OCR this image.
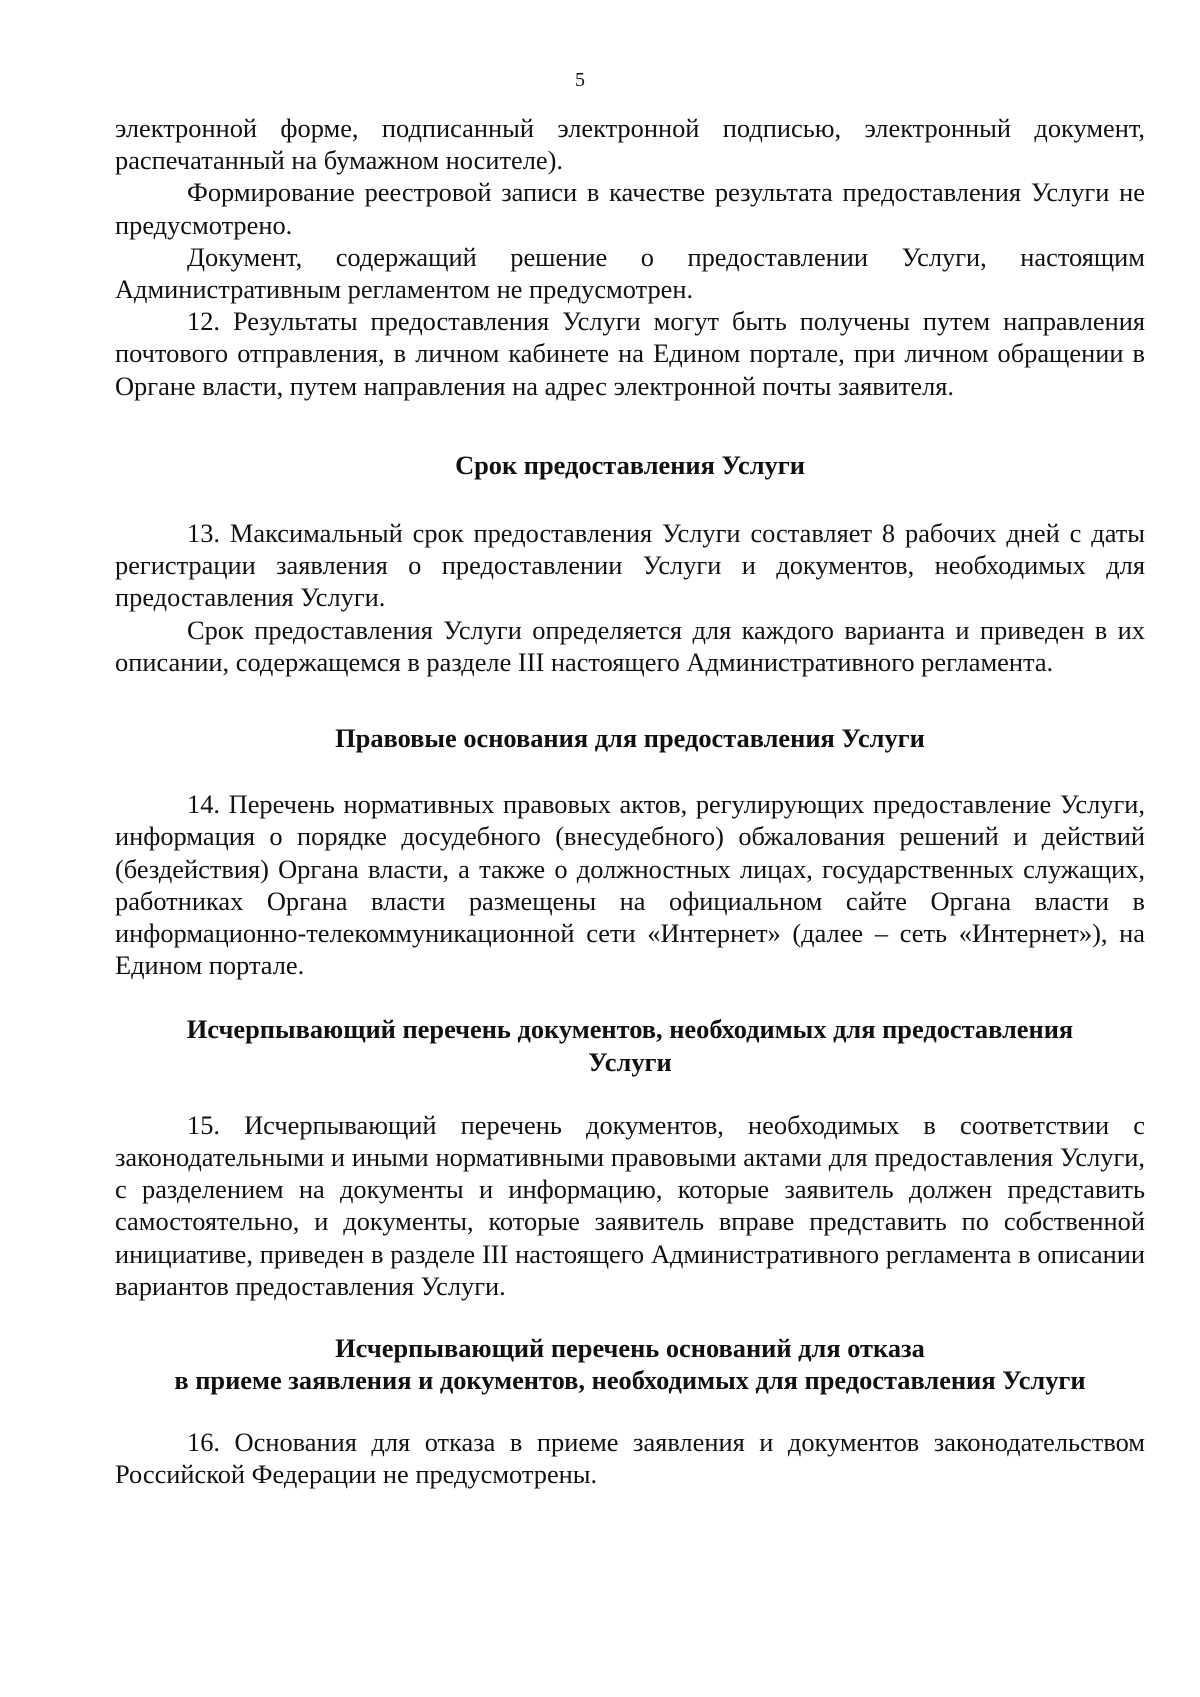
5

электронной форме, подписанный электронной подписью, электронный документ, распечатанный на бумажном носителе).

Формирование реестровой записи в качестве результата предоставления Услуги не предусмотрено.

Документ, содержащий решение о предоставлении Услуги, настоящим Административным регламентом не предусмотрен.

12. Результаты предоставления Услуги могут быть получены путем направления почтового отправления, в личном кабинете на Едином портале, при личном обращении в Органе власти, путем направления на адрес электронной почты заявителя.

Срок предоставления Услуги

13. Максимальный срок предоставления Услуги составляет 8 рабочих дней с даты регистрации заявления о предоставлении Услуги и документов, необходимых для предоставления Услуги.

Срок предоставления Услуги определяется для каждого варианта и приведен в их описании, содержащемся в разделе III настоящего Административного регламента.

Правовые основания для предоставления Услуги

14. Перечень нормативных правовых актов, регулирующих предоставление Услуги, информация о порядке досудебного (внесудебного) обжалования решений и действий (бездействия) Органа власти, а также о должностных лицах, государственных служащих, работниках Органа власти размещены на официальном сайте Органа власти в информационно-телекоммуникационной сети «Интернет» (далее – сеть «Интернет»), на Едином портале.

Исчерпывающий перечень документов, необходимых для предоставления
Услуги

15. Исчерпывающий перечень документов, необходимых в соответствии с законодательными и иными нормативными правовыми актами для предоставления Услуги, с разделением на документы и информацию, которые заявитель должен представить самостоятельно, и документы, которые заявитель вправе представить по собственной инициативе, приведен в разделе III настоящего Административного регламента в описании вариантов предоставления Услуги.

Исчерпывающий перечень оснований для отказа
в приеме заявления и документов, необходимых для предоставления Услуги

16. Основания для отказа в приеме заявления и документов законодательством Российской Федерации не предусмотрены.
